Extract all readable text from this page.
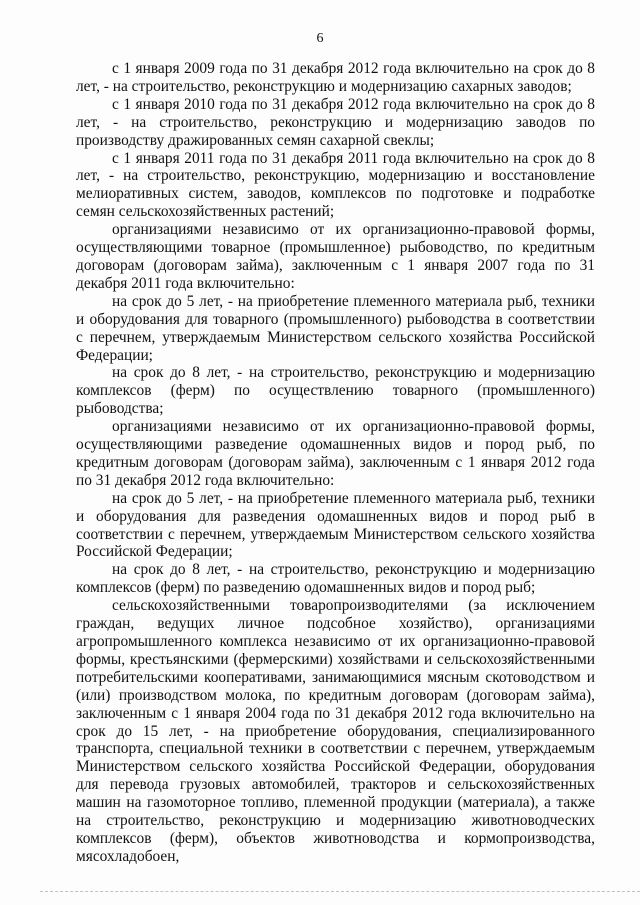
6

с 1 января 2009 года по 31 декабря 2012 года включительно на срок до 8 лет, - на строительство, реконструкцию и модернизацию сахарных заводов;

с 1 января 2010 года по 31 декабря 2012 года включительно на срок до 8 лет, - на строительство, реконструкцию и модернизацию заводов по производству дражированных семян сахарной свеклы;

с 1 января 2011 года по 31 декабря 2011 года включительно на срок до 8 лет, - на строительство, реконструкцию, модернизацию и восстановление мелиоративных систем, заводов, комплексов по подготовке и подработке семян сельскохозяйственных растений;

организациями независимо от их организационно-правовой формы, осуществляющими товарное (промышленное) рыбоводство, по кредитным договорам (договорам займа), заключенным с 1 января 2007 года по 31 декабря 2011 года включительно:

на срок до 5 лет, - на приобретение племенного материала рыб, техники и оборудования для товарного (промышленного) рыбоводства в соответствии с перечнем, утверждаемым Министерством сельского хозяйства Российской Федерации;

на срок до 8 лет, - на строительство, реконструкцию и модернизацию комплексов (ферм) по осуществлению товарного (промышленного) рыбоводства;

организациями независимо от их организационно-правовой формы, осуществляющими разведение одомашненных видов и пород рыб, по кредитным договорам (договорам займа), заключенным с 1 января 2012 года по 31 декабря 2012 года включительно:

на срок до 5 лет, - на приобретение племенного материала рыб, техники и оборудования для разведения одомашненных видов и пород рыб в соответствии с перечнем, утверждаемым Министерством сельского хозяйства Российской Федерации;

на срок до 8 лет, - на строительство, реконструкцию и модернизацию комплексов (ферм) по разведению одомашненных видов и пород рыб;

сельскохозяйственными товаропроизводителями (за исключением граждан, ведущих личное подсобное хозяйство), организациями агропромышленного комплекса независимо от их организационно-правовой формы, крестьянскими (фермерскими) хозяйствами и сельскохозяйственными потребительскими кооперативами, занимающимися мясным скотоводством и (или) производством молока, по кредитным договорам (договорам займа), заключенным с 1 января 2004 года по 31 декабря 2012 года включительно на срок до 15 лет, - на приобретение оборудования, специализированного транспорта, специальной техники в соответствии с перечнем, утверждаемым Министерством сельского хозяйства Российской Федерации, оборудования для перевода грузовых автомобилей, тракторов и сельскохозяйственных машин на газомоторное топливо, племенной продукции (материала), а также на строительство, реконструкцию и модернизацию животноводческих комплексов (ферм), объектов животноводства и кормопроизводства, мясохладобоен,
